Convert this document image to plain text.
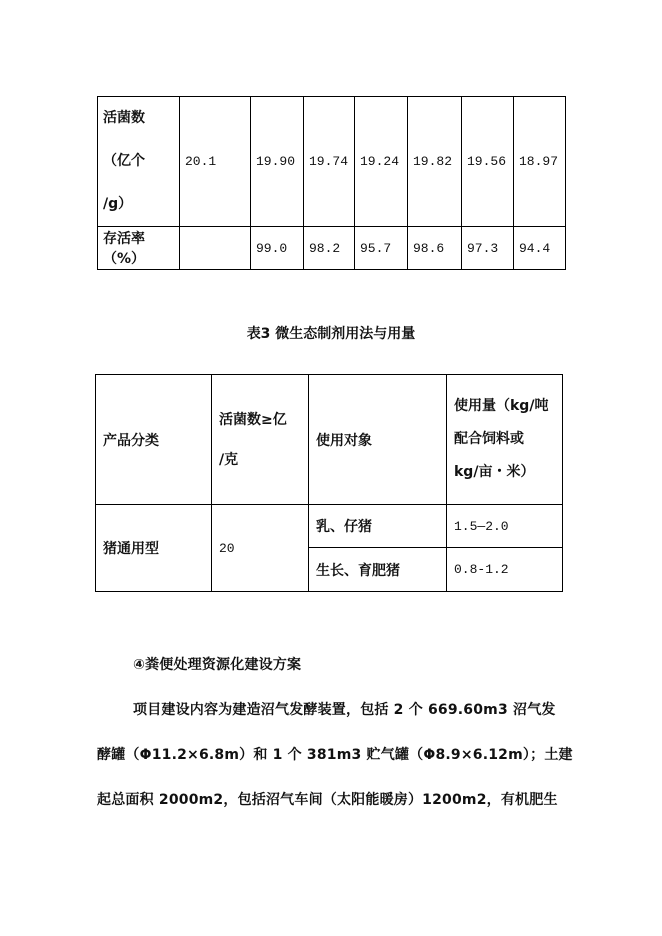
活菌数
（亿个
/g）	20.1	19.90	19.74	19.24	19.82	19.56	18.97
存活率（%）		99.0	98.2	95.7	98.6	97.3	94.4
表3 微生态制剂用法与用量
产品分类	活菌数≥亿
/克	使用对象	使用量（kg/吨
配合饲料或
kg/亩・米）

猪通用型	20	乳、仔猪	1.5—2.0
		生长、育肥猪	0.8-1.2
④粪便处理资源化建设方案
项目建设内容为建造沼气发酵装置，包括 2 个 669.60m3 沼气发
酵罐（Φ11.2×6.8m）和 1 个 381m3 贮气罐（Φ8.9×6.12m）；土建
起总面积 2000m2，包括沼气车间（太阳能暖房）1200m2，有机肥生
